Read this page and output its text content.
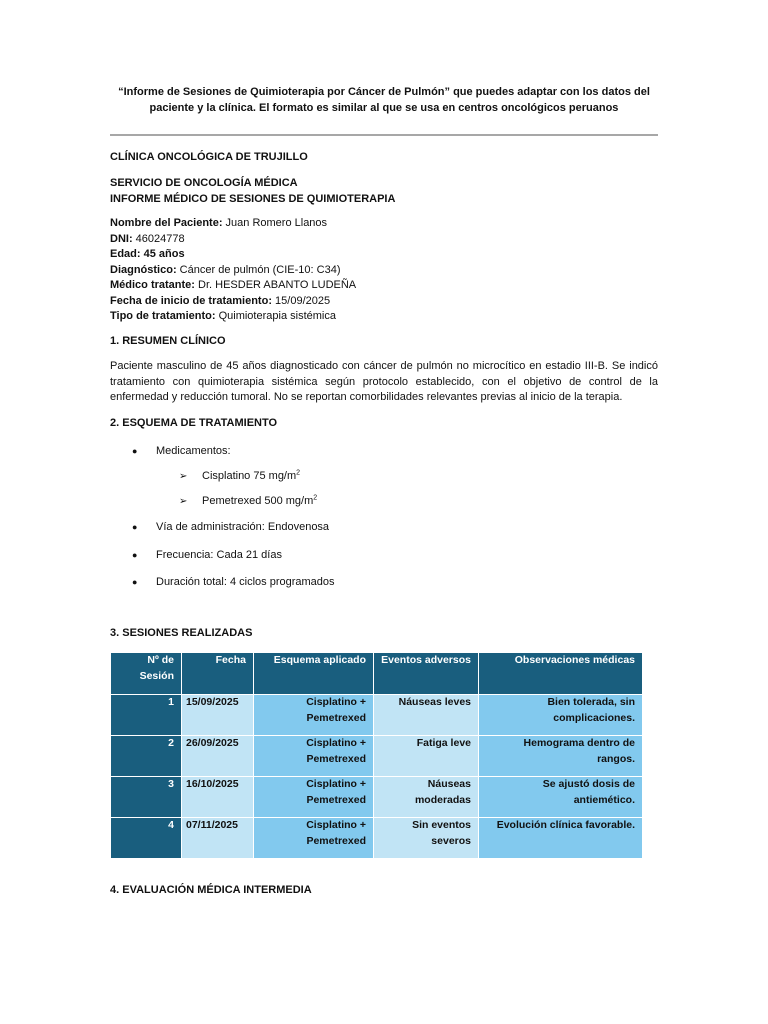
“Informe de Sesiones de Quimioterapia por Cáncer de Pulmón” que puedes adaptar con los datos del paciente y la clínica. El formato es similar al que se usa en centros oncológicos peruanos
CLÍNICA ONCOLÓGICA DE TRUJILLO
SERVICIO DE ONCOLOGÍA MÉDICA
INFORME MÉDICO DE SESIONES DE QUIMIOTERAPIA
Nombre del Paciente: Juan Romero Llanos
DNI: 46024778
Edad: 45 años
Diagnóstico: Cáncer de pulmón (CIE-10: C34)
Médico tratante: Dr. HESDER ABANTO LUDEÑA
Fecha de inicio de tratamiento: 15/09/2025
Tipo de tratamiento: Quimioterapia sistémica
1. RESUMEN CLÍNICO
Paciente masculino de 45 años diagnosticado con cáncer de pulmón no microcítico en estadio III-B. Se indicó tratamiento con quimioterapia sistémica según protocolo establecido, con el objetivo de control de la enfermedad y reducción tumoral. No se reportan comorbilidades relevantes previas al inicio de la terapia.
2. ESQUEMA DE TRATAMIENTO
● Medicamentos:
➢ Cisplatino 75 $mg/m^2$
➢ Pemetrexed 500 $mg/m^2$
● Vía de administración: Endovenosa
● Frecuencia: Cada 21 días
● Duración total: 4 ciclos programados
3. SESIONES REALIZADAS
Nº de Sesión	Fecha	Esquema aplicado	Eventos adversos	Observaciones médicas
1	15/09/2025	Cisplatino + Pemetrexed	Náuseas leves	Bien tolerada, sin complicaciones.
2	26/09/2025	Cisplatino + Pemetrexed	Fatiga leve	Hemograma dentro de rangos.
3	16/10/2025	Cisplatino + Pemetrexed	Náuseas moderadas	Se ajustó dosis de antiemético.
4	07/11/2025	Cisplatino + Pemetrexed	Sin eventos severos	Evolución clínica favorable.
4. EVALUACIÓN MÉDICA INTERMEDIA
